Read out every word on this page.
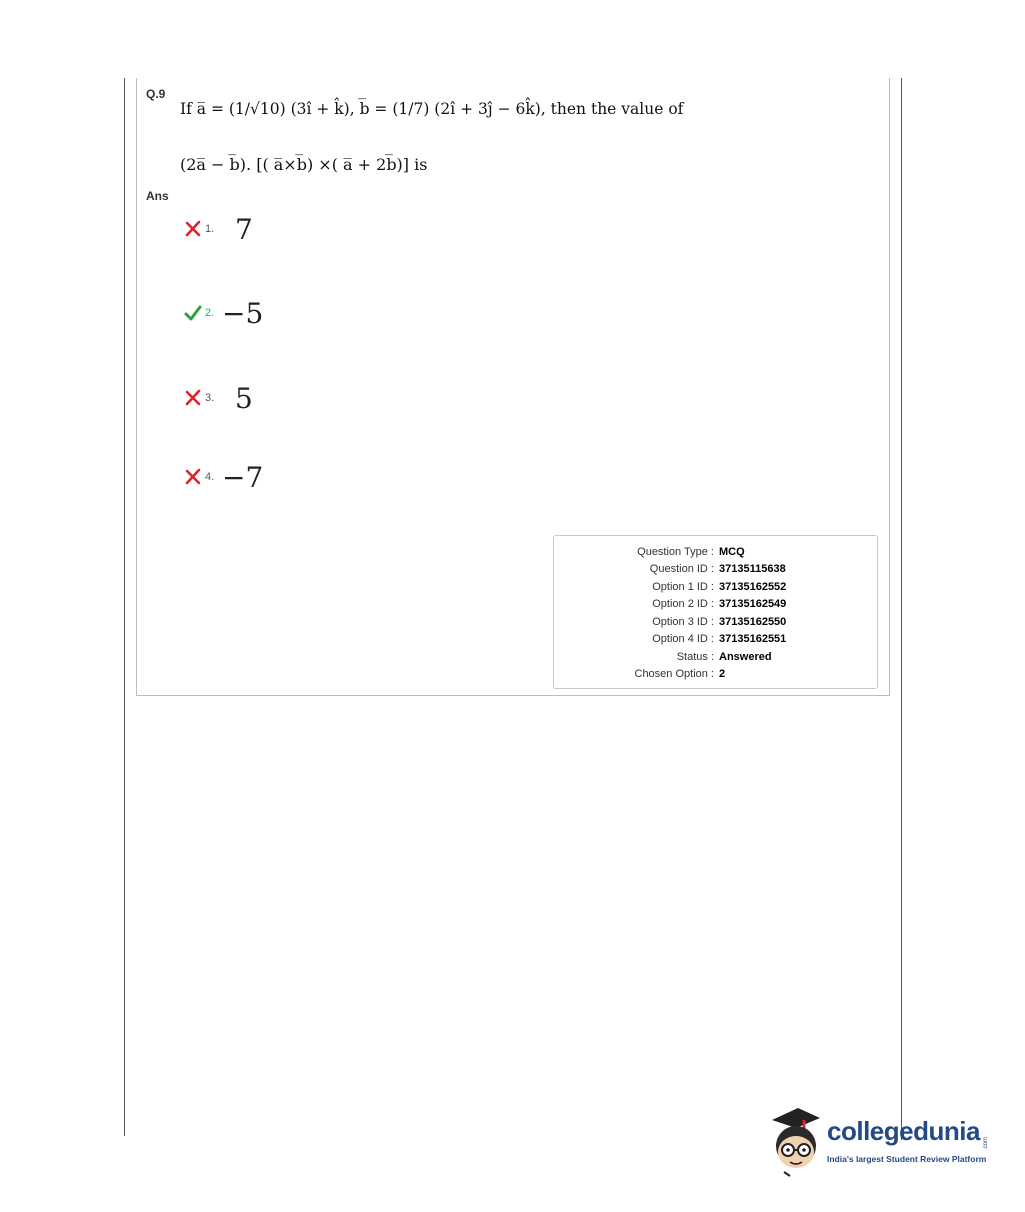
Q.9
If a̅ = (1/√10) (3î + k̂), b̅ = (1/7) (2î + 3ĵ − 6k̂), then the value of
(2a̅ − b̅). [( a̅×b̅) ×( a̅ + 2b̅)] is
Ans
1. 7
2. −5
3. 5
4. −7
Question Type : MCQ
Question ID : 37135115638
Option 1 ID : 37135162552
Option 2 ID : 37135162549
Option 3 ID : 37135162550
Option 4 ID : 37135162551
Status : Answered
Chosen Option : 2
collegedunia .com
India's largest Student Review Platform
